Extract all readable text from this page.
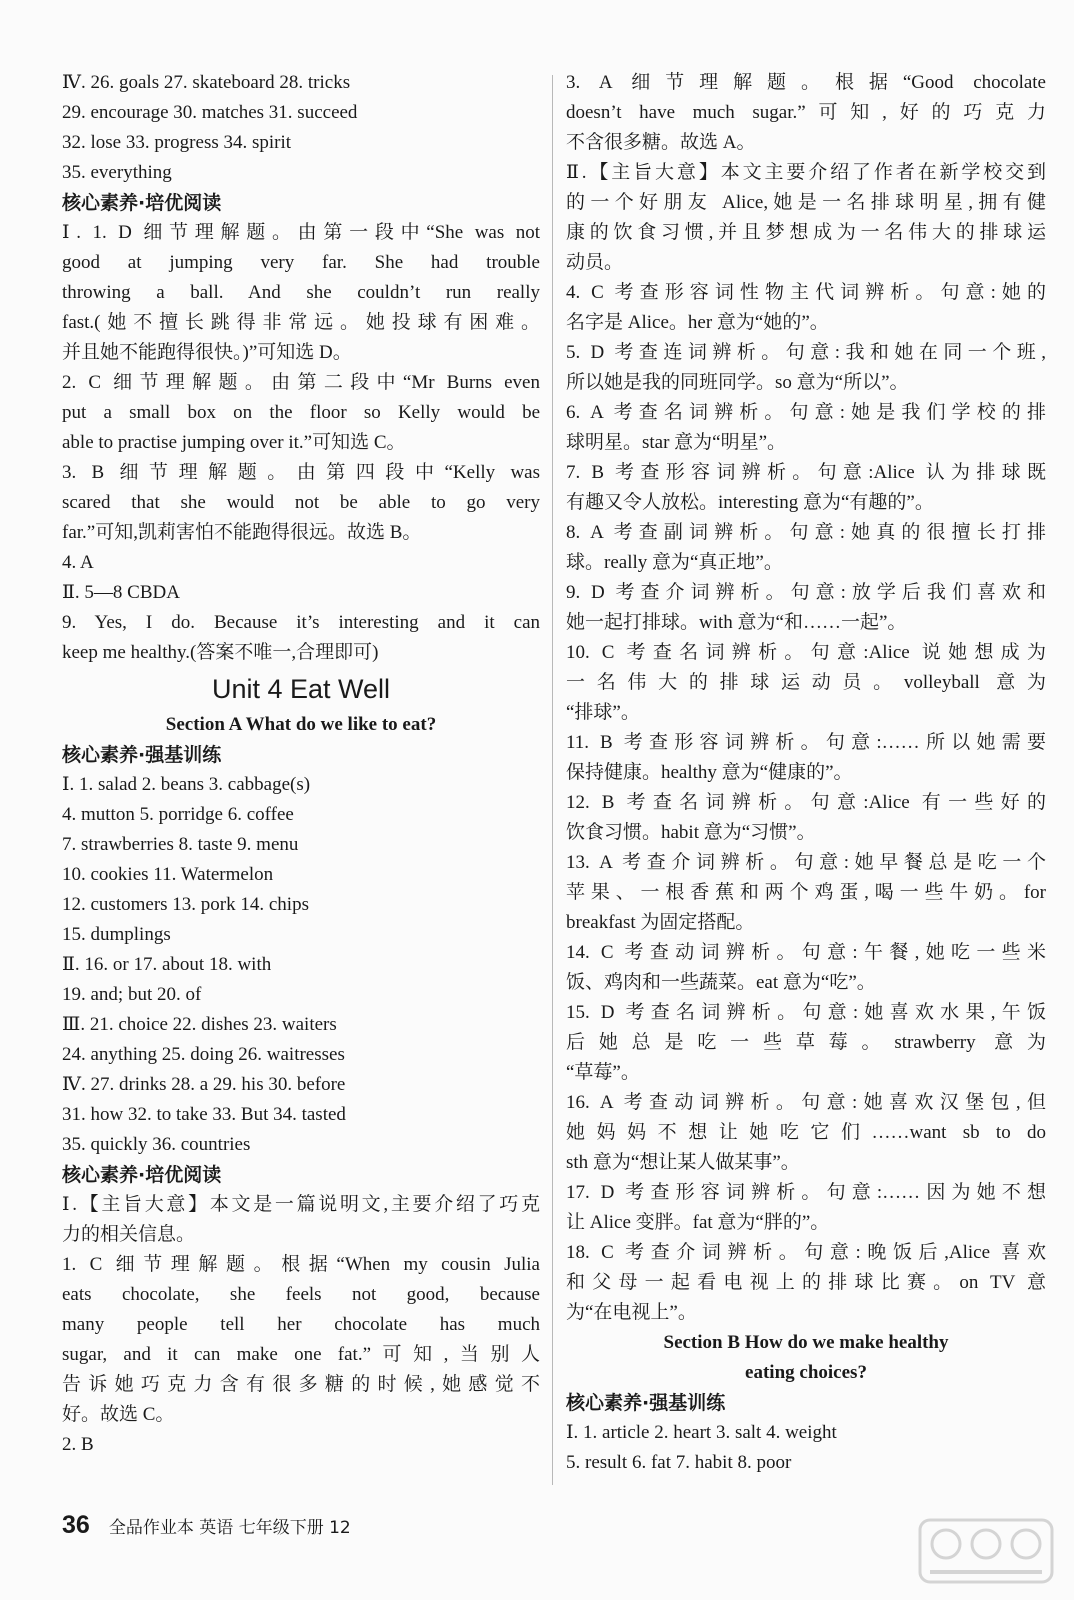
Ⅳ. 26. goals 27. skateboard 28. tricks
29. encourage 30. matches 31. succeed
32. lose 33. progress 34. spirit
35. everything
核心素养·培优阅读
Ⅰ. 1. D 细节理解题。由第一段中“She was not
good at jumping very far. She had trouble
throwing a ball. And she couldn’t run really
fast.(她不擅长跳得非常远。她投球有困难。
并且她不能跑得很快。)”可知选 D。
2. C 细节理解题。由第二段中“Mr Burns even
put a small box on the floor so Kelly would be
able to practise jumping over it.”可知选 C。
3. B 细节理解题。由第四段中“Kelly was
scared that she would not be able to go very
far.”可知,凯莉害怕不能跑得很远。故选 B。
4. A
Ⅱ. 5—8 CBDA
9. Yes, I do. Because it’s interesting and it can
keep me healthy.(答案不唯一,合理即可)
Unit 4 Eat Well
Section A What do we like to eat?
核心素养·强基训练
Ⅰ. 1. salad 2. beans 3. cabbage(s)
4. mutton 5. porridge 6. coffee
7. strawberries 8. taste 9. menu
10. cookies 11. Watermelon
12. customers 13. pork 14. chips
15. dumplings
Ⅱ. 16. or 17. about 18. with
19. and; but 20. of
Ⅲ. 21. choice 22. dishes 23. waiters
24. anything 25. doing 26. waitresses
Ⅳ. 27. drinks 28. a 29. his 30. before
31. how 32. to take 33. But 34. tasted
35. quickly 36. countries
核心素养·培优阅读
Ⅰ.【主旨大意】本文是一篇说明文,主要介绍了巧克
力的相关信息。
1. C 细节理解题。根据“When my cousin Julia
eats chocolate, she feels not good, because
many people tell her chocolate has much
sugar, and it can make one fat.”可知,当别人
告诉她巧克力含有很多糖的时候,她感觉不
好。故选 C。
2. B
3. A 细节理解题。根据“Good chocolate
doesn’t have much sugar.”可知,好的巧克力
不含很多糖。故选 A。
Ⅱ.【主旨大意】本文主要介绍了作者在新学校交到
的一个好朋友 Alice,她是一名排球明星,拥有健
康的饮食习惯,并且梦想成为一名伟大的排球运
动员。
4. C 考查形容词性物主代词辨析。句意:她的
名字是 Alice。her 意为“她的”。
5. D 考查连词辨析。句意:我和她在同一个班,
所以她是我的同班同学。so 意为“所以”。
6. A 考查名词辨析。句意:她是我们学校的排
球明星。star 意为“明星”。
7. B 考查形容词辨析。句意:Alice 认为排球既
有趣又令人放松。interesting 意为“有趣的”。
8. A 考查副词辨析。句意:她真的很擅长打排
球。really 意为“真正地”。
9. D 考查介词辨析。句意:放学后我们喜欢和
她一起打排球。with 意为“和……一起”。
10. C 考查名词辨析。句意:Alice 说她想成为
一名伟大的排球运动员。volleyball 意为
“排球”。
11. B 考查形容词辨析。句意:……所以她需要
保持健康。healthy 意为“健康的”。
12. B 考查名词辨析。句意:Alice 有一些好的
饮食习惯。habit 意为“习惯”。
13. A 考查介词辨析。句意:她早餐总是吃一个
苹果、一根香蕉和两个鸡蛋,喝一些牛奶。for
breakfast 为固定搭配。
14. C 考查动词辨析。句意:午餐,她吃一些米
饭、鸡肉和一些蔬菜。eat 意为“吃”。
15. D 考查名词辨析。句意:她喜欢水果,午饭
后她总是吃一些草莓。strawberry 意为
“草莓”。
16. A 考查动词辨析。句意:她喜欢汉堡包,但
她妈妈不想让她吃它们……want sb to do
sth 意为“想让某人做某事”。
17. D 考查形容词辨析。句意:……因为她不想
让 Alice 变胖。fat 意为“胖的”。
18. C 考查介词辨析。句意:晚饭后,Alice 喜欢
和父母一起看电视上的排球比赛。on TV 意
为“在电视上”。
Section B How do we make healthy
eating choices?
核心素养·强基训练
Ⅰ. 1. article 2. heart 3. salt 4. weight
5. result 6. fat 7. habit 8. poor
36 全品作业本 英语 七年级下册 12
